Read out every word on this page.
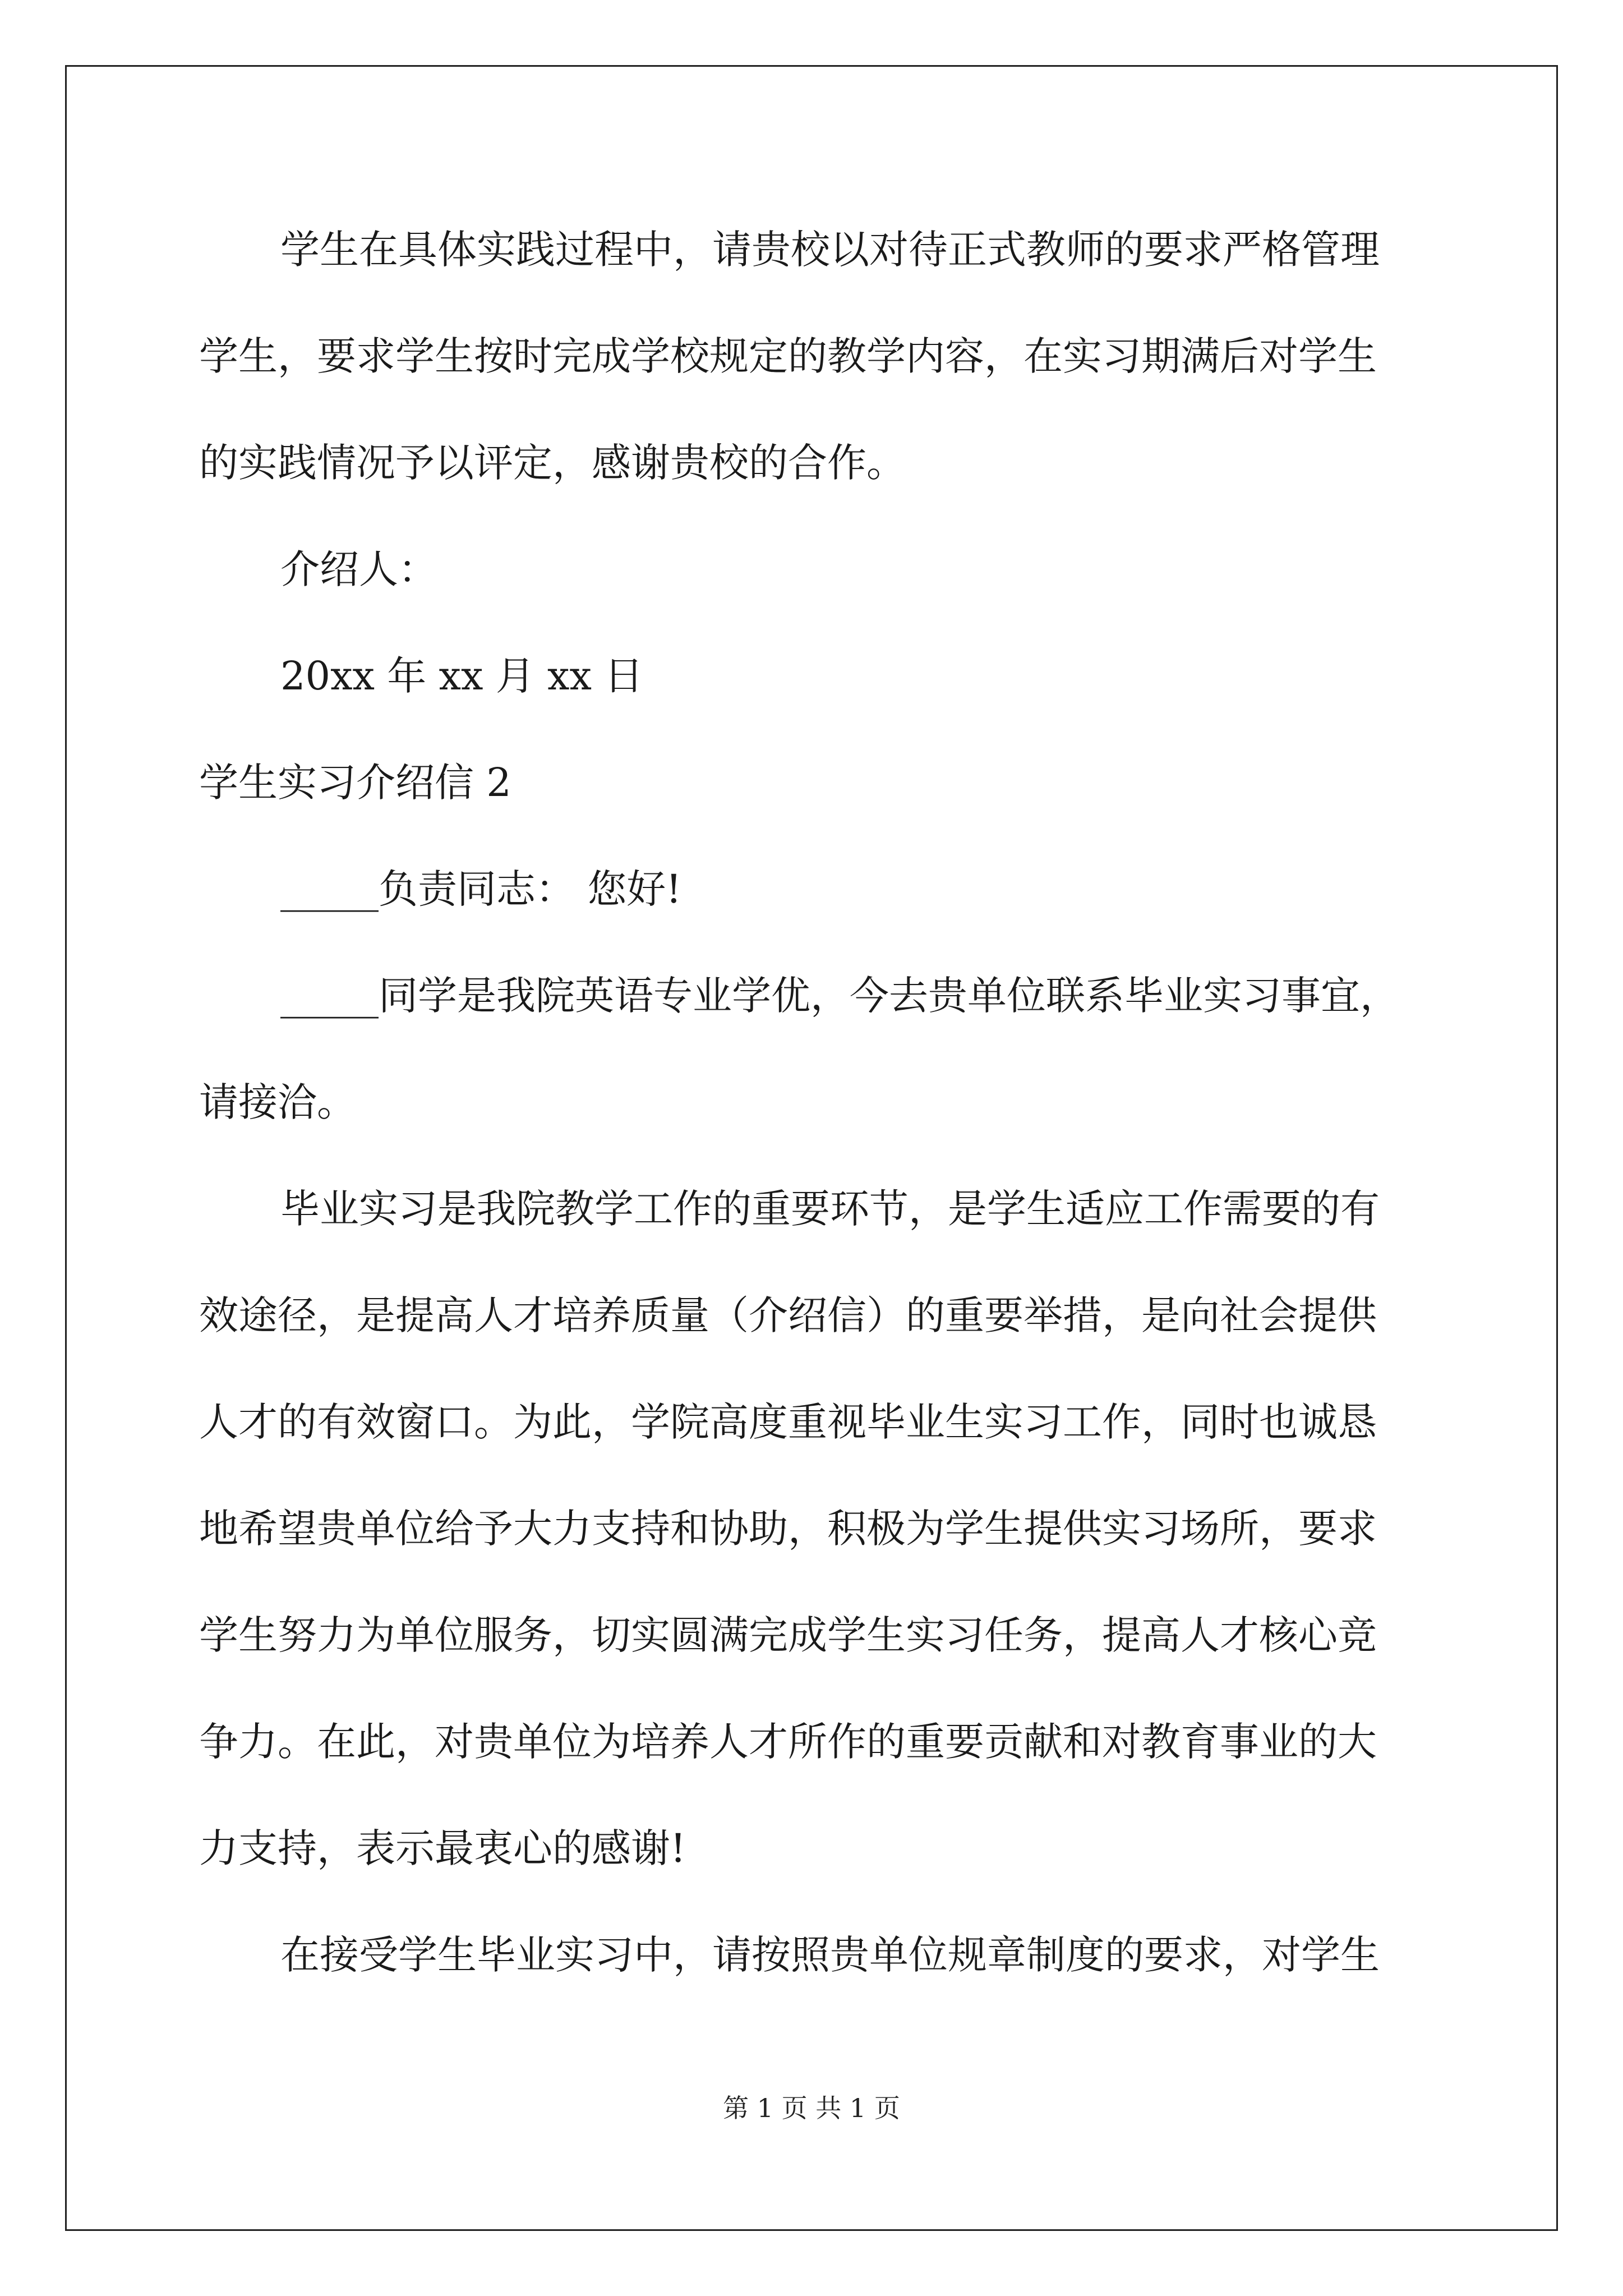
学生在具体实践过程中，请贵校以对待正式教师的要求严格管理
学生，要求学生按时完成学校规定的教学内容，在实习期满后对学生
的实践情况予以评定，感谢贵校的合作。
介绍人：
20xx 年 xx 月 xx 日
学生实习介绍信 2
_____负责同志： 您好!
_____同学是我院英语专业学优，今去贵单位联系毕业实习事宜，
请接洽。
毕业实习是我院教学工作的重要环节，是学生适应工作需要的有
效途径，是提高人才培养质量（介绍信）的重要举措，是向社会提供
人才的有效窗口。为此，学院高度重视毕业生实习工作，同时也诚恳
地希望贵单位给予大力支持和协助，积极为学生提供实习场所，要求
学生努力为单位服务，切实圆满完成学生实习任务，提高人才核心竞
争力。在此，对贵单位为培养人才所作的重要贡献和对教育事业的大
力支持，表示最衷心的感谢!
在接受学生毕业实习中，请按照贵单位规章制度的要求，对学生
第 1 页 共 1 页
